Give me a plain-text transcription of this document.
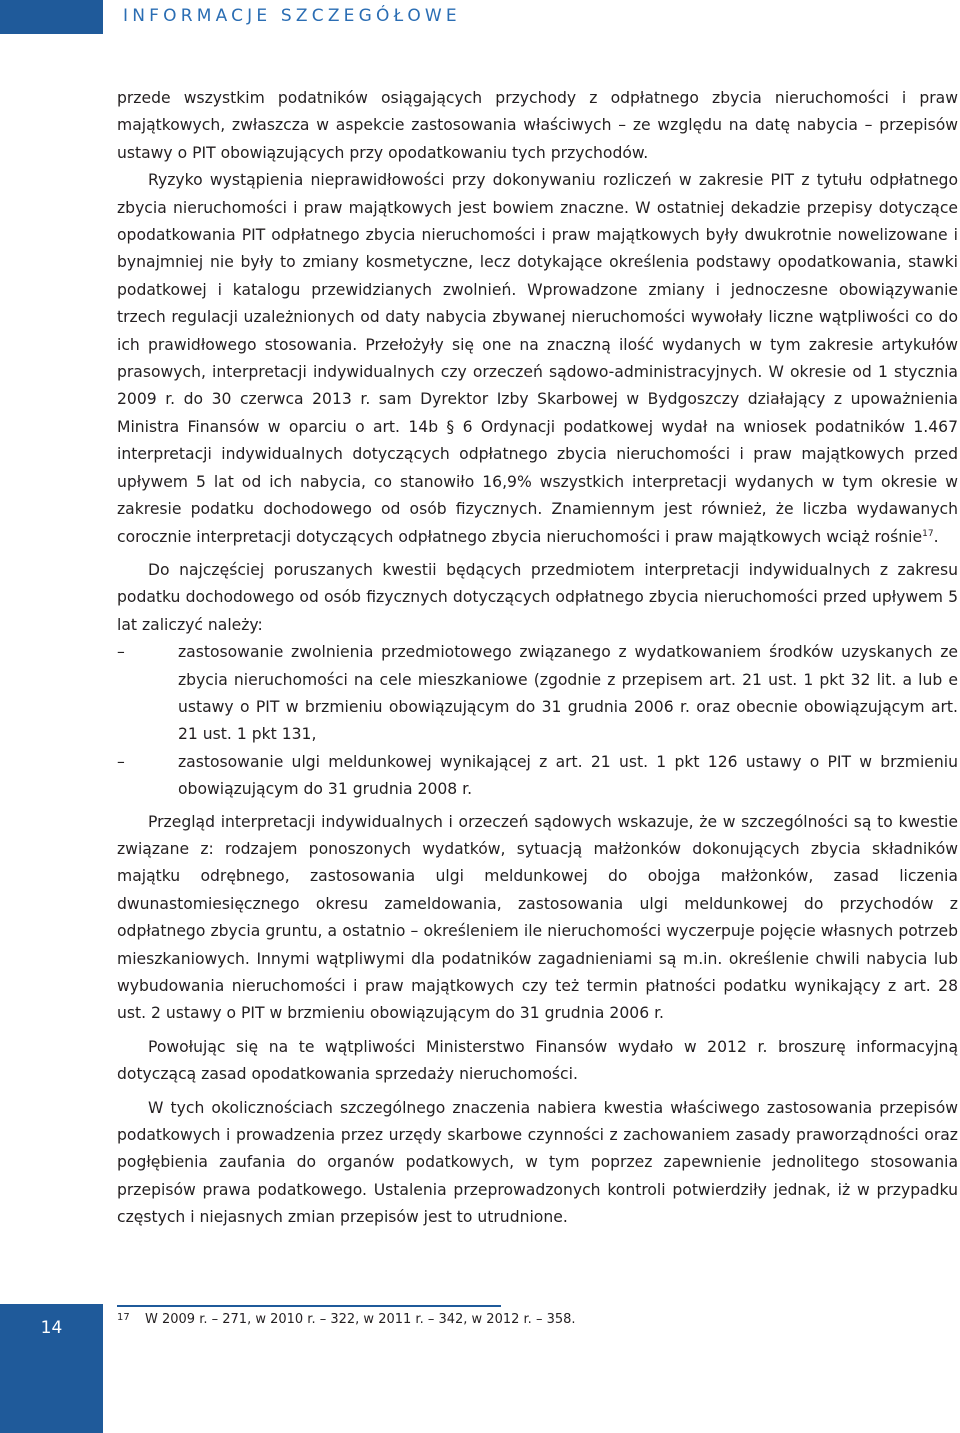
INFORMACJE SZCZEGÓŁOWE

przede wszystkim podatników osiągających przychody z odpłatnego zbycia nieruchomości i praw majątkowych, zwłaszcza w aspekcie zastosowania właściwych – ze względu na datę nabycia – przepisów ustawy o PIT obowiązujących przy opodatkowaniu tych przychodów.

Ryzyko wystąpienia nieprawidłowości przy dokonywaniu rozliczeń w zakresie PIT z tytułu odpłatnego zbycia nieruchomości i praw majątkowych jest bowiem znaczne. W ostatniej dekadzie przepisy dotyczące opodatkowania PIT odpłatnego zbycia nieruchomości i praw majątkowych były dwukrotnie nowelizowane i bynajmniej nie były to zmiany kosmetyczne, lecz dotykające określenia podstawy opodatkowania, stawki podatkowej i katalogu przewidzianych zwolnień. Wprowadzone zmiany i jednoczesne obowiązywanie trzech regulacji uzależnionych od daty nabycia zbywanej nieruchomości wywołały liczne wątpliwości co do ich prawidłowego stosowania. Przełożyły się one na znaczną ilość wydanych w tym zakresie artykułów prasowych, interpretacji indywidualnych czy orzeczeń sądowo-administracyjnych. W okresie od 1 stycznia 2009 r. do 30 czerwca 2013 r. sam Dyrektor Izby Skarbowej w Bydgoszczy działający z upoważnienia Ministra Finansów w oparciu o art. 14b § 6 Ordynacji podatkowej wydał na wniosek podatników 1.467 interpretacji indywidualnych dotyczących odpłatnego zbycia nieruchomości i praw majątkowych przed upływem 5 lat od ich nabycia, co stanowiło 16,9% wszystkich interpretacji wydanych w tym okresie w zakresie podatku dochodowego od osób fizycznych. Znamiennym jest również, że liczba wydawanych corocznie interpretacji dotyczących odpłatnego zbycia nieruchomości i praw majątkowych wciąż rośnie$^{17}$.

Do najczęściej poruszanych kwestii będących przedmiotem interpretacji indywidualnych z zakresu podatku dochodowego od osób fizycznych dotyczących odpłatnego zbycia nieruchomości przed upływem 5 lat zaliczyć należy:

–	zastosowanie zwolnienia przedmiotowego związanego z wydatkowaniem środków uzyskanych ze zbycia nieruchomości na cele mieszkaniowe (zgodnie z przepisem art. 21 ust. 1 pkt 32 lit. a lub e ustawy o PIT w brzmieniu obowiązującym do 31 grudnia 2006 r. oraz obecnie obowiązującym art. 21 ust. 1 pkt 131,
–	zastosowanie ulgi meldunkowej wynikającej z art. 21 ust. 1 pkt 126 ustawy o PIT w brzmieniu obowiązującym do 31 grudnia 2008 r.

Przegląd interpretacji indywidualnych i orzeczeń sądowych wskazuje, że w szczególności są to kwestie związane z: rodzajem ponoszonych wydatków, sytuacją małżonków dokonujących zbycia składników majątku odrębnego, zastosowania ulgi meldunkowej do obojga małżonków, zasad liczenia dwunastomiesięcznego okresu zameldowania, zastosowania ulgi meldunkowej do przychodów z odpłatnego zbycia gruntu, a ostatnio – określeniem ile nieruchomości wyczerpuje pojęcie własnych potrzeb mieszkaniowych. Innymi wątpliwymi dla podatników zagadnieniami są m.in. określenie chwili nabycia lub wybudowania nieruchomości i praw majątkowych czy też termin płatności podatku wynikający z art. 28 ust. 2 ustawy o PIT w brzmieniu obowiązującym do 31 grudnia 2006 r.

Powołując się na te wątpliwości Ministerstwo Finansów wydało w 2012 r. broszurę informacyjną dotyczącą zasad opodatkowania sprzedaży nieruchomości.

W tych okolicznościach szczególnego znaczenia nabiera kwestia właściwego zastosowania przepisów podatkowych i prowadzenia przez urzędy skarbowe czynności z zachowaniem zasady praworządności oraz pogłębienia zaufania do organów podatkowych, w tym poprzez zapewnienie jednolitego stosowania przepisów prawa podatkowego. Ustalenia przeprowadzonych kontroli potwierdziły jednak, iż w przypadku częstych i niejasnych zmian przepisów jest to utrudnione.

17 W 2009 r. – 271, w 2010 r. – 322, w 2011 r. – 342, w 2012 r. – 358.
14
